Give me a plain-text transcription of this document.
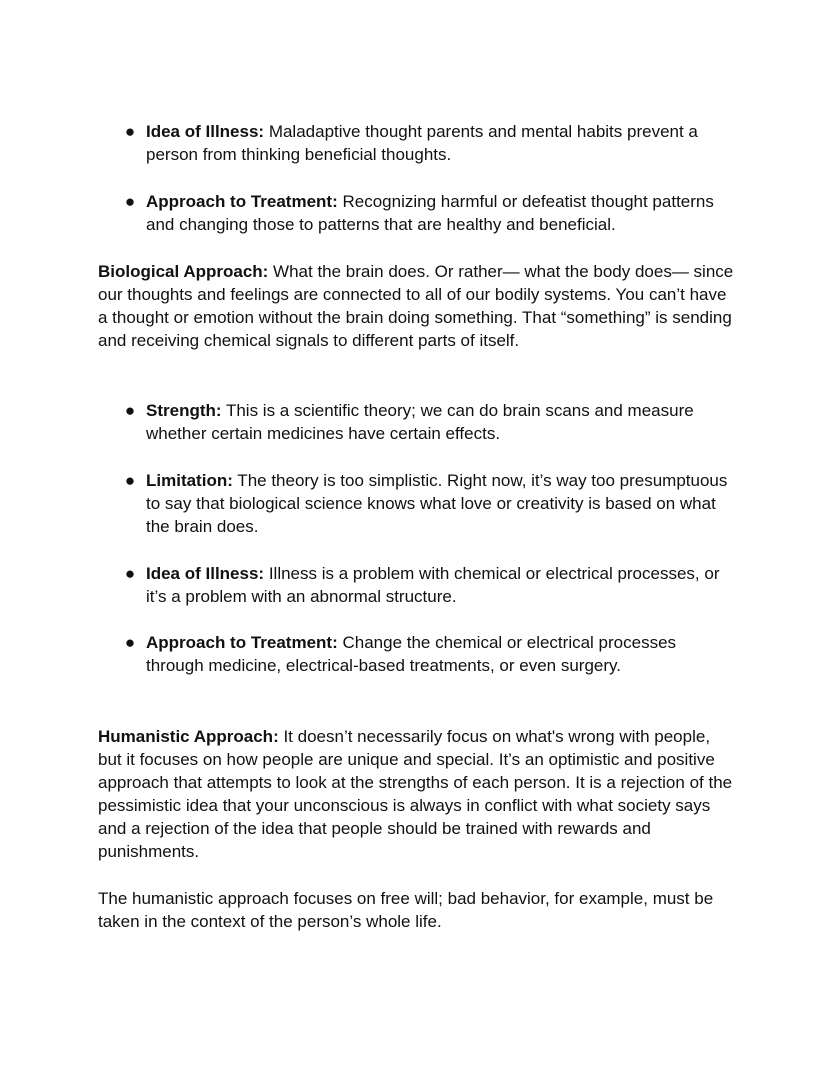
● Idea of Illness: Maladaptive thought parents and mental habits prevent a person from thinking beneficial thoughts.

● Approach to Treatment: Recognizing harmful or defeatist thought patterns and changing those to patterns that are healthy and beneficial.

Biological Approach: What the brain does. Or rather— what the body does— since our thoughts and feelings are connected to all of our bodily systems. You can’t have a thought or emotion without the brain doing something. That “something” is sending and receiving chemical signals to different parts of itself.

● Strength: This is a scientific theory; we can do brain scans and measure whether certain medicines have certain effects.

● Limitation: The theory is too simplistic. Right now, it’s way too presumptuous to say that biological science knows what love or creativity is based on what the brain does.

● Idea of Illness: Illness is a problem with chemical or electrical processes, or it’s a problem with an abnormal structure.

● Approach to Treatment: Change the chemical or electrical processes through medicine, electrical-based treatments, or even surgery.

Humanistic Approach: It doesn’t necessarily focus on what's wrong with people, but it focuses on how people are unique and special. It’s an optimistic and positive approach that attempts to look at the strengths of each person. It is a rejection of the pessimistic idea that your unconscious is always in conflict with what society says and a rejection of the idea that people should be trained with rewards and punishments.

The humanistic approach focuses on free will; bad behavior, for example, must be taken in the context of the person’s whole life.
